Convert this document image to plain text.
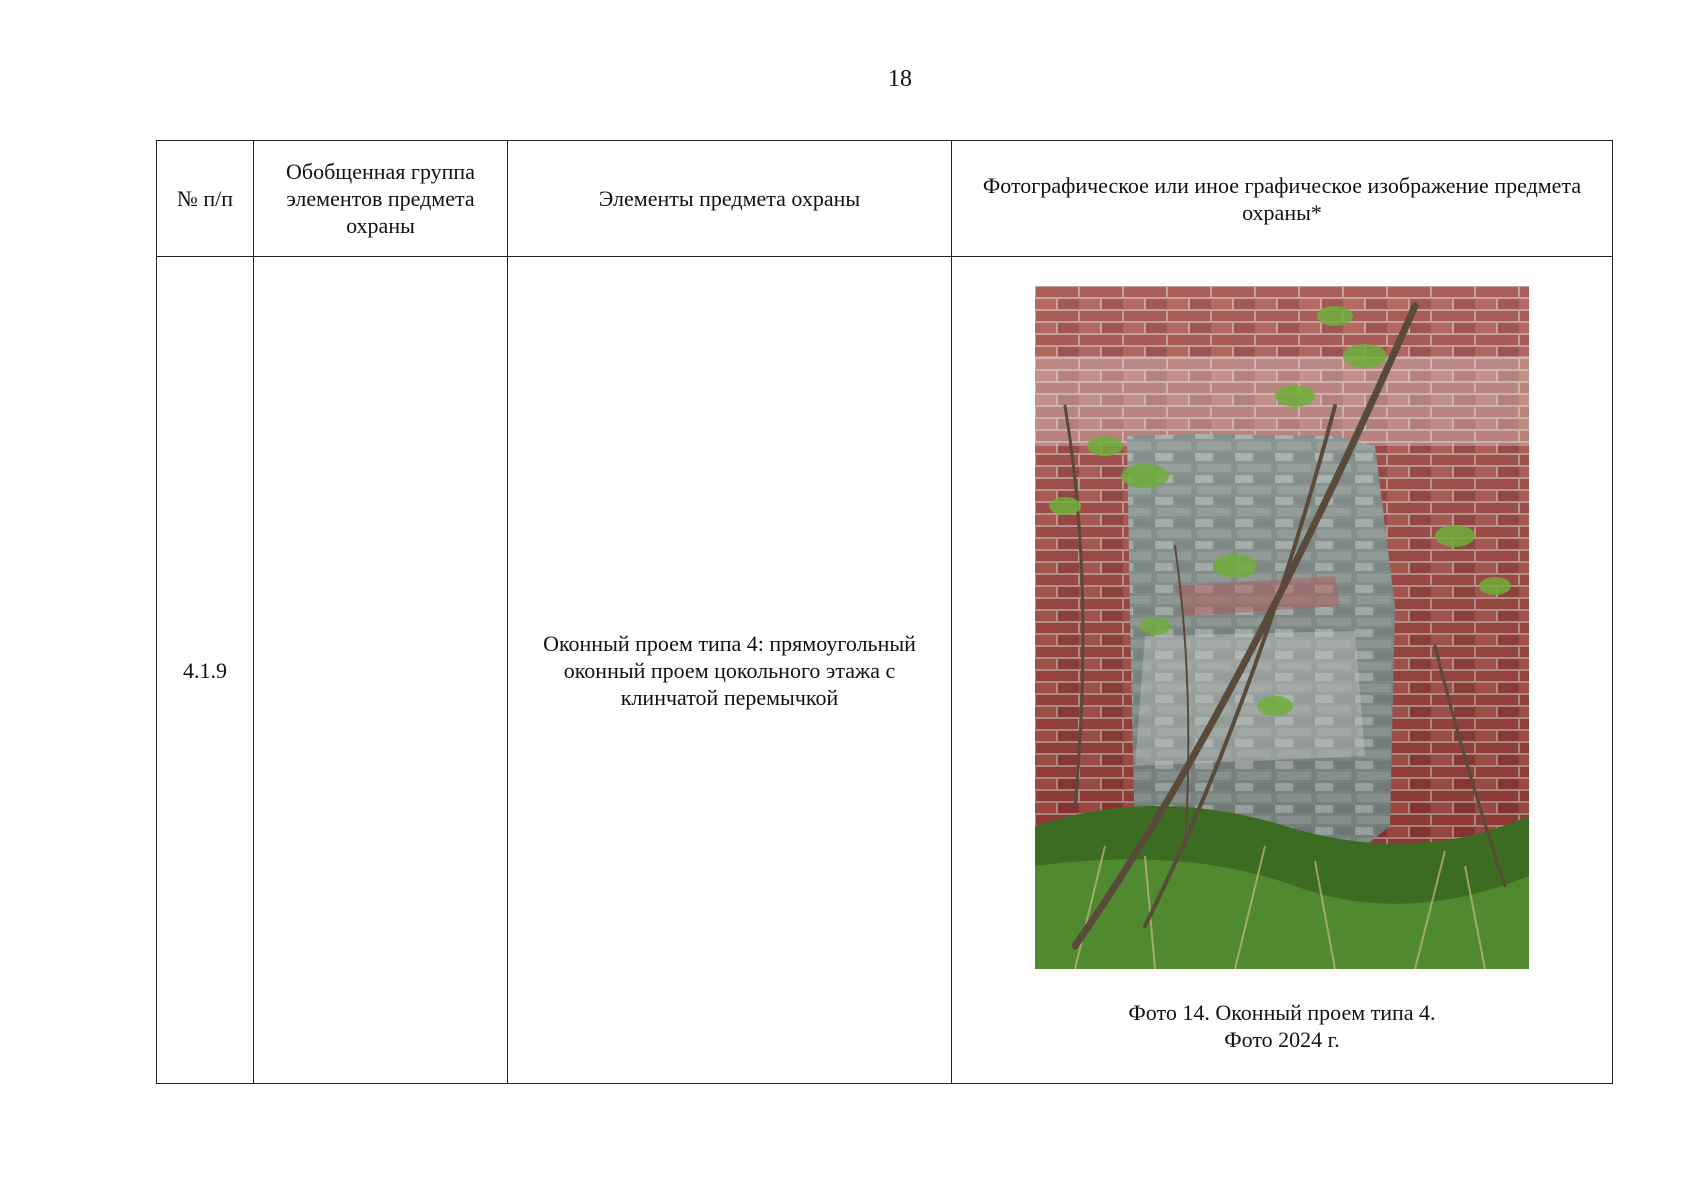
18
№ п/п	Обобщенная группа элементов предмета охраны	Элементы предмета охраны	Фотографическое или иное графическое изображение предмета охраны*
4.1.9		Оконный проем типа 4: прямоугольный оконный проем цокольного этажа с клинчатой перемычкой	Фото 14. Оконный проем типа 4.
Фото 2024 г.
